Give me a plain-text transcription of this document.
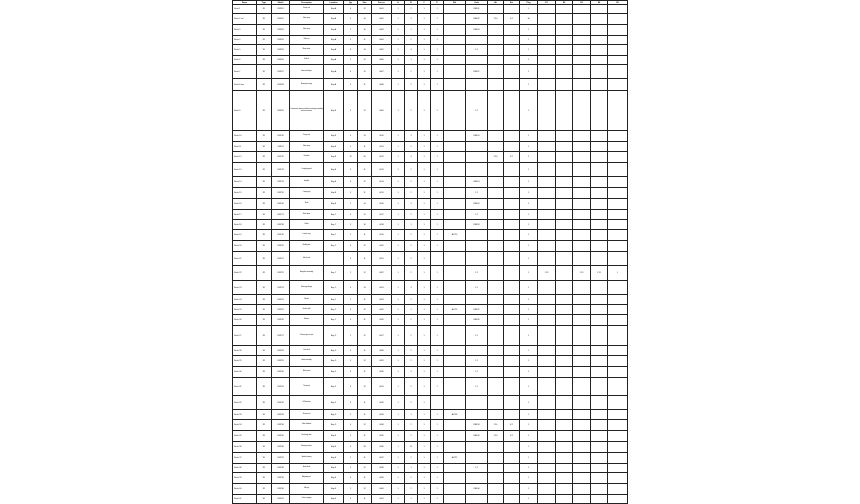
Name	Type	Model	Description	Location	Qty	Size	Part no.	A	B	C	D	Ref	Code	Alt	Ext	Flag	E1	E2	E3	E4	E5
Stack 1	R1	CMP01	Pump unit	Bay A	4	12	0001	1	2	1	1		REF01			1					
Stack 2 ctrl	R1	CMP02	Valve assy	Bay A	5	14	0002	1	3	1	1		REF02	12.4	8.2	16					
Stack 3	R1	CMP03	Valve assy	Bay A	2	10	0003	1	1	1	1		REF03			1					
Stack 4	R1	CMP04	Filter set	Bay A	3	11	0004	1	2	1	1					1					
Stack 5	R1	CMP05	Motor drive	Bay A	8	13	0005	1	4	1	1		1.2			1					
Stack 6	R1	CMP06	Seal kit	Bay A	2	12	0006	1	1	1	1					1					
Stack 7	R1	CMP07	Heat exchanger	Bay A	6	15	0007	1	2	1	1		REF07			1					
Stack 8 aux	R1	CMP08	Bearing housing	Bay A	4	11	0008	1	2	1	1					1					
Stack 9	R1	CMP09	Compressor frame and base mounting assembly with accessories	Bay B	3	12	0009	1	2	1	1		1.2			1					
Stack 10	R1	CMP10	Pump unit	Bay B	4	13	0010	1	3	1	1		REF10			1					
Stack 11	R1	CMP11	Valve assy	Bay B	2	11	0011	1	2	1	1					1					
Stack 12	R1	CMP12	Gearbox	Bay B	15	20	0012	1	4	1	1			12.4	8.2	2					
Stack 13	R1	CMP13	Coupling guard	Bay B	3	11	0013	1	2	1	1					1					
Stack 14	R1	CMP14	Impeller	Bay B	4	12	0014	1	2	1	1		REF14			1					
Stack 15	R1	CMP15	Casing ring	Bay B	3	11	0015	1	2	1	1		1.2			1					
Stack 16	R1	CMP16	Shaft	Bay B	2	14	0016	1	3	1	1		REF16			1					
Stack 17	R1	CMP17	Wear plate	Bay C	4	12	0017	1	2	1	1		1.2			1					
Stack 18	R1	CMP18	Volute	Bay C	3	10	0018	1	1	1	1		REF18			1					
Stack 19	R1	CMP19	Lantern ring	Bay C	2	11	0019	1	2	1	1	ALT19				1					
Stack 20	R1	CMP20	Stuffing box	Bay C	4	12	0020	1	2	1	1					1					
Stack 21	R1	CMP21	Mech seal		3	11	0021	1	2	1						1					
Stack 22	R1	CMP22	Baseplate assembly	Bay C	2	12	0022	1	2	1	1		1.2			1	1.25		1.25	1.25	1
Stack 23	R1	CMP23	Discharge flange	Bay C	4	13	0023	1	3	1	1		1.2			1					
Stack 24	R1	CMP24	Nozzle	Bay C	2	11	0024	1	2	1	1					1					
Stack 25	R1	CMP25	Suction bell	Bay C	3	12	0025	1	1	1	1	ALT25	REF25			1					
Stack 26	R1	CMP26	Strainer	Bay C	4	11	0026	1	2	1	1		REF26			1					
Stack 27	R1	CMP27	Column pipe section	Bay D	2	12	0027	1	2	1	1		1.2			1					
Stack 28	R1	CMP28	Line shaft	Bay D	4	11	0028	1	2	1	1					1					
Stack 29	R1	CMP29	Bowl assembly	Bay D	3	12	0029	1	2	1	1		1.2			1					
Stack 30	R1	CMP30	Motor stool	Bay D	6	11	0030	1	3	1	1		1.2			1					
Stack 31	R1	CMP31	Thrust pot	Bay D	4	12	0031	1	2	1	1		1.2			1					
Stack 32	R1	CMP32	Oil lubricator	Bay D	3	11	0032	1	2	1						1					
Stack 33	R1	CMP33	Tension nut	Bay D	2	11	0033	1	1	1	1	ALT33				1					
Stack 34	R1	CMP34	Tube stabilizer	Bay D	4	12	0034	1	2	1	1		REF34	12.4	8.2	1					
Stack 35	R1	CMP35	Enclosing tube	Bay E	3	11	0035	1	2	1	1		REF35	12.4	8.2	1					
Stack 36	R1	CMP36	Bearing retainer	Bay E	4	28	0036	1	12	1	1					1					
Stack 37	R1	CMP37	Spider bearing	Bay E	2	11	0037	1	2	1	1	ALT37				1					
Stack 38	R1	CMP38	Head shaft	Bay E	3	12	0038	1	1	1	1		1.2			1					
Stack 39	R1	CMP39	Adjusting nut	Bay E	4	11	0039	1	2	1	1					1					
Stack 40	R1	CMP40	Gib key	Bay E	2	12	0040	1	2	1	1		REF40			1					
Stack 41	R1	CMP41	Drive coupling	Bay E	3	11	0041	1	1	1	1					1					
